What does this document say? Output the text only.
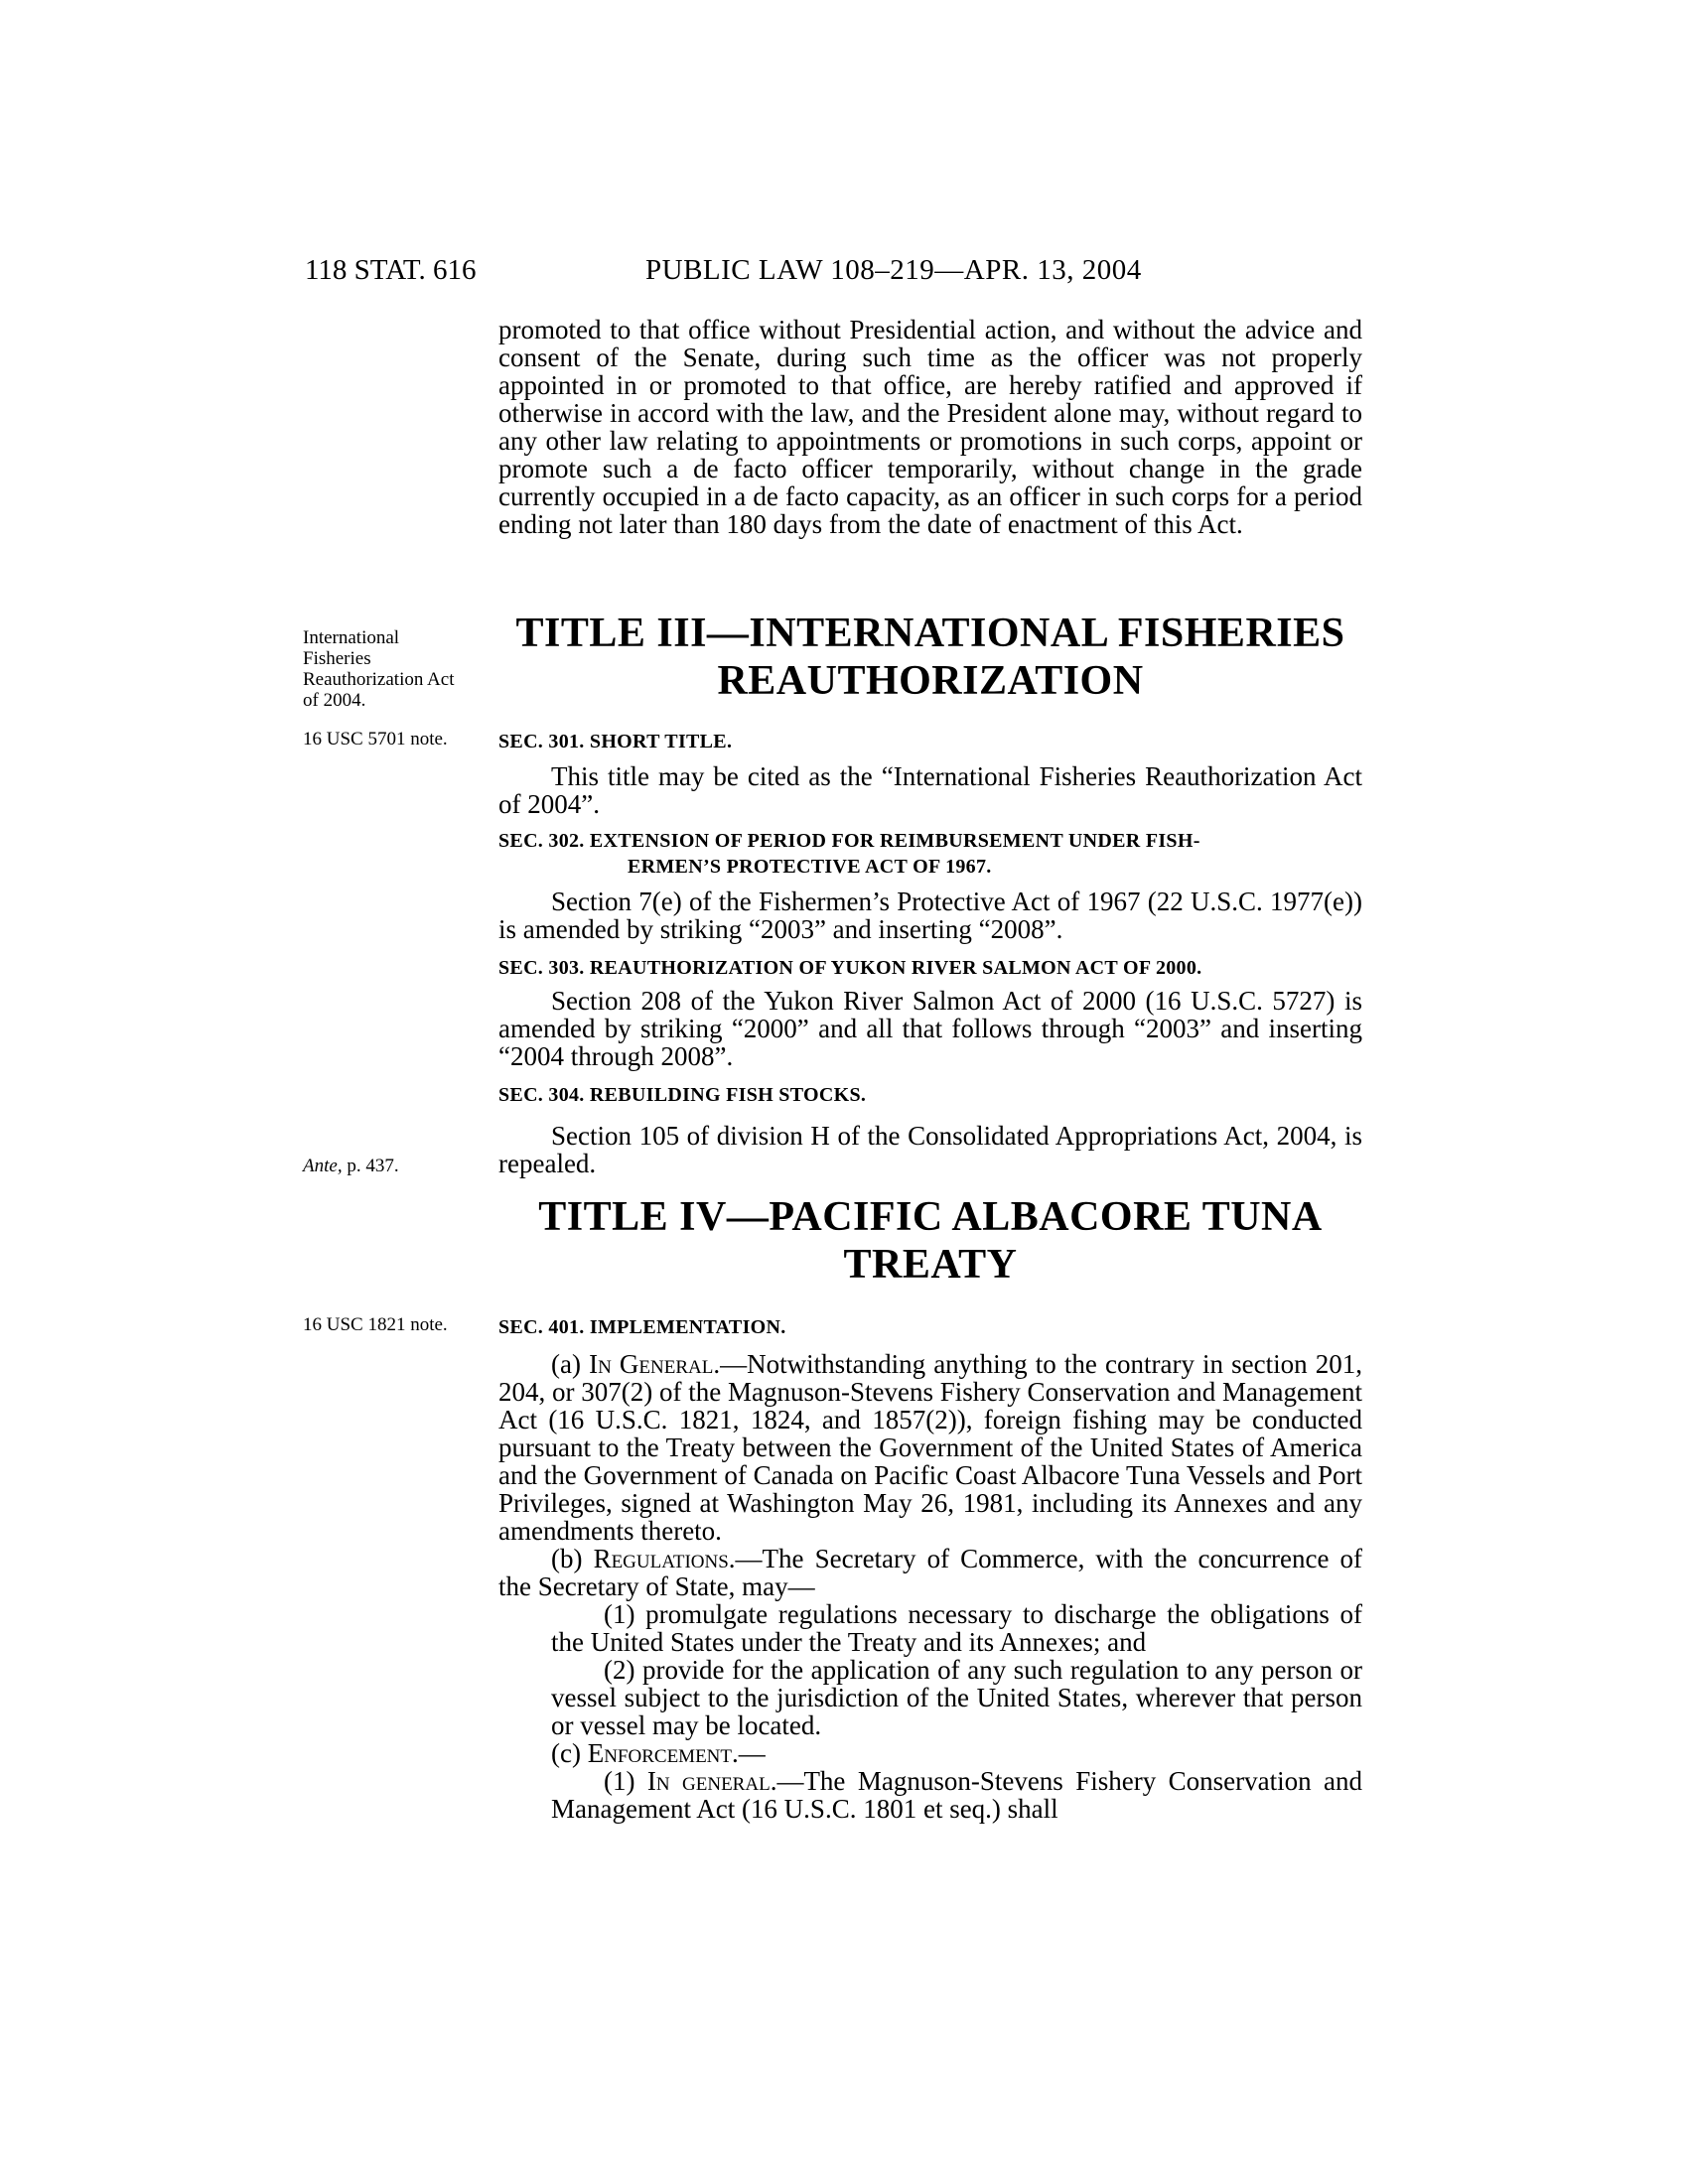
118 STAT. 616	PUBLIC LAW 108–219—APR. 13, 2004

promoted to that office without Presidential action, and without the advice and consent of the Senate, during such time as the officer was not properly appointed in or promoted to that office, are hereby ratified and approved if otherwise in accord with the law, and the President alone may, without regard to any other law relating to appointments or promotions in such corps, appoint or promote such a de facto officer temporarily, without change in the grade currently occupied in a de facto capacity, as an officer in such corps for a period ending not later than 180 days from the date of enactment of this Act.

International Fisheries Reauthorization Act of 2004.
16 USC 5701 note.
Ante, p. 437.
16 USC 1821 note.
TITLE III—INTERNATIONAL FISHERIES
REAUTHORIZATION
SEC. 301. SHORT TITLE.

This title may be cited as the “International Fisheries Reauthorization Act of 2004”.

SEC. 302. EXTENSION OF PERIOD FOR REIMBURSEMENT UNDER FISH-
ERMEN’S PROTECTIVE ACT OF 1967.

Section 7(e) of the Fishermen’s Protective Act of 1967 (22 U.S.C. 1977(e)) is amended by striking “2003” and inserting “2008”.

SEC. 303. REAUTHORIZATION OF YUKON RIVER SALMON ACT OF 2000.

Section 208 of the Yukon River Salmon Act of 2000 (16 U.S.C. 5727) is amended by striking “2000” and all that follows through “2003” and inserting “2004 through 2008”.

SEC. 304. REBUILDING FISH STOCKS.

Section 105 of division H of the Consolidated Appropriations Act, 2004, is repealed.

TITLE IV—PACIFIC ALBACORE TUNA
TREATY
SEC. 401. IMPLEMENTATION.

(a) In General.—Notwithstanding anything to the contrary in section 201, 204, or 307(2) of the Magnuson-Stevens Fishery Conservation and Management Act (16 U.S.C. 1821, 1824, and 1857(2)), foreign fishing may be conducted pursuant to the Treaty between the Government of the United States of America and the Government of Canada on Pacific Coast Albacore Tuna Vessels and Port Privileges, signed at Washington May 26, 1981, including its Annexes and any amendments thereto.

(b) Regulations.—The Secretary of Commerce, with the concurrence of the Secretary of State, may—

(1) promulgate regulations necessary to discharge the obligations of the United States under the Treaty and its Annexes; and

(2) provide for the application of any such regulation to any person or vessel subject to the jurisdiction of the United States, wherever that person or vessel may be located.

(c) Enforcement.—

(1) In general.—The Magnuson-Stevens Fishery Conservation and Management Act (16 U.S.C. 1801 et seq.) shall
